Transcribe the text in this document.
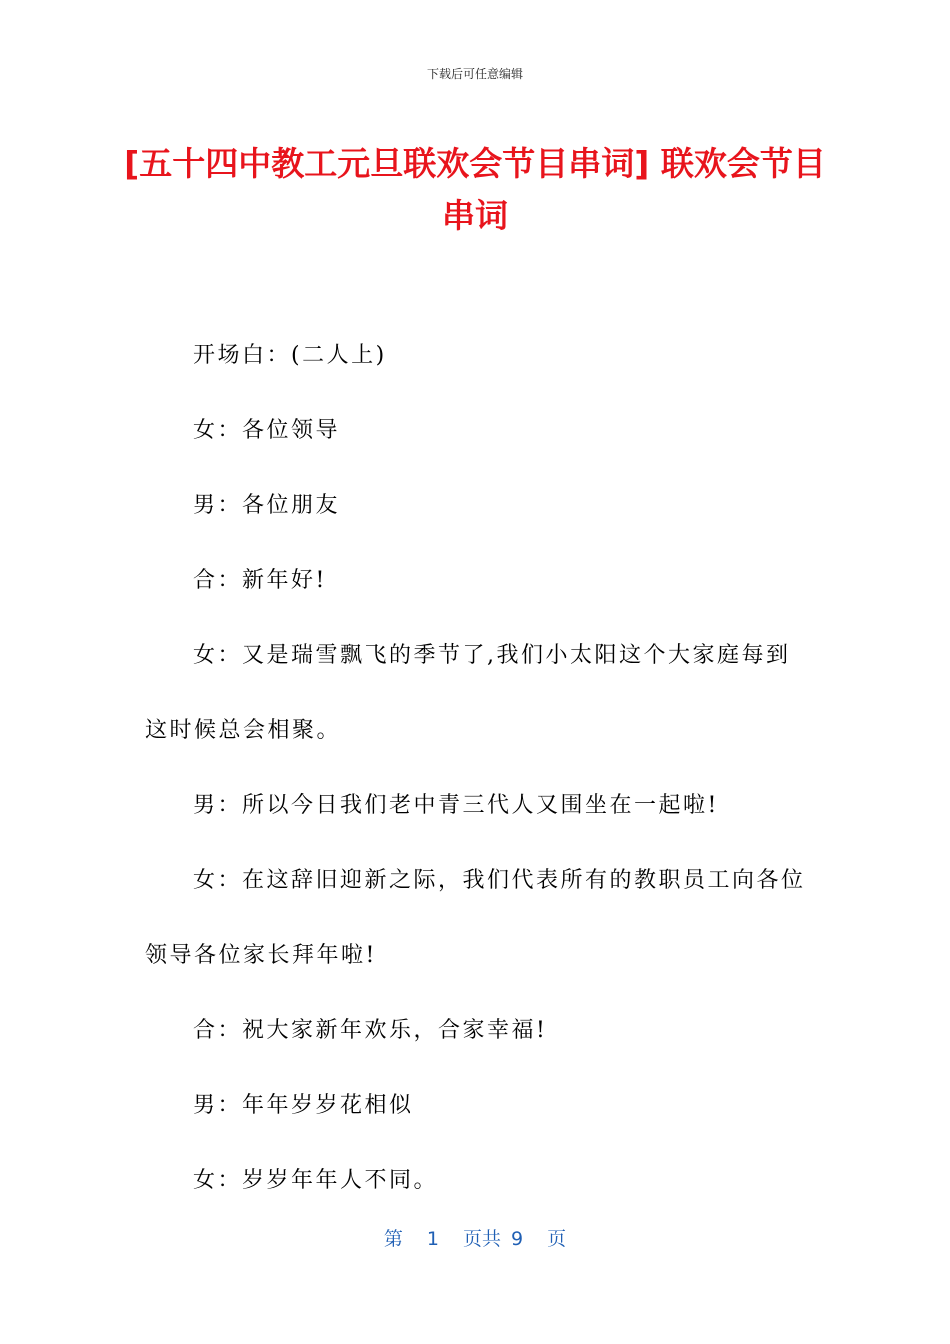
下载后可任意编辑
[五十四中教工元旦联欢会节目串词] 联欢会节目串词

开场白：(二人上)

女：各位领导

男：各位朋友

合：新年好!

女：又是瑞雪飘飞的季节了,我们小太阳这个大家庭每到这时候总会相聚。

男：所以今日我们老中青三代人又围坐在一起啦!

女：在这辞旧迎新之际，我们代表所有的教职员工向各位领导各位家长拜年啦!

合：祝大家新年欢乐，合家幸福!

男：年年岁岁花相似

女：岁岁年年人不同。

第 1 页共 9 页
